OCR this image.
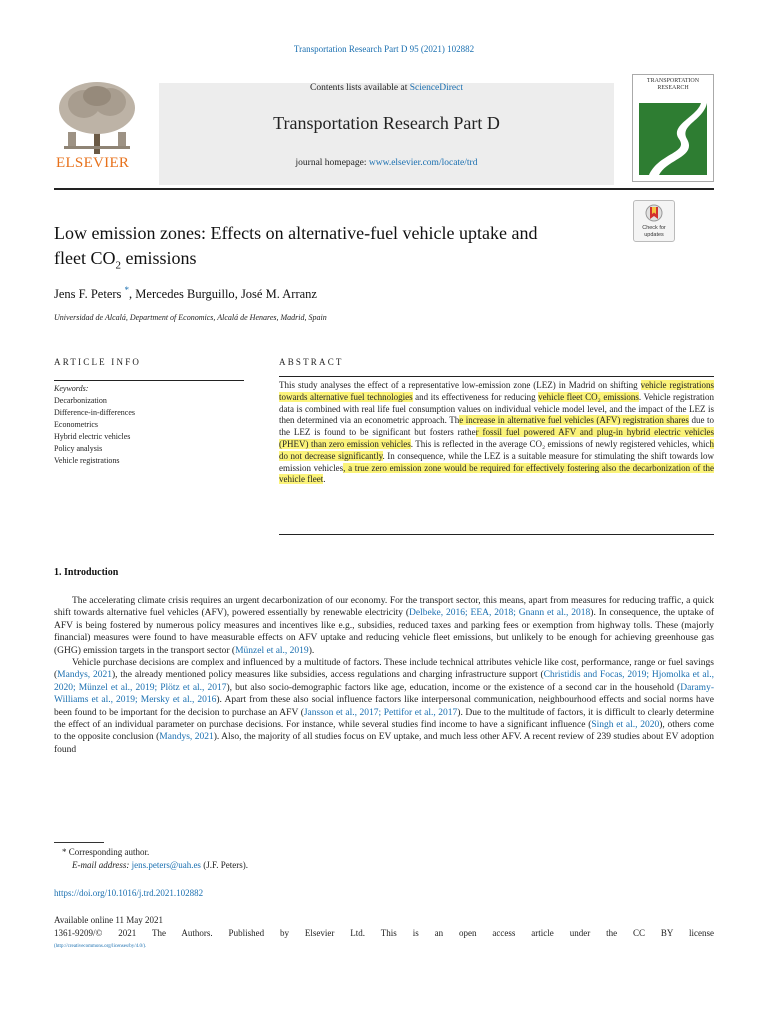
Transportation Research Part D 95 (2021) 102882
ELSEVIER
Contents lists available at ScienceDirect
Transportation Research Part D
journal homepage: www.elsevier.com/locate/trd
TRANSPORTATION RESEARCH
Check for
updates
Low emission zones: Effects on alternative-fuel vehicle uptake and
fleet $CO_2$ emissions
Jens F. Peters *, Mercedes Burguillo, José M. Arranz
Universidad de Alcalá, Department of Economics, Alcalá de Henares, Madrid, Spain
ARTICLE INFO
Keywords:
Decarbonization
Difference-in-differences
Econometrics
Hybrid electric vehicles
Policy analysis
Vehicle registrations
ABSTRACT
This study analyses the effect of a representative low-emission zone (LEZ) in Madrid on shifting vehicle registrations towards alternative fuel technologies and its effectiveness for reducing vehicle fleet CO₂ emissions. Vehicle registration data is combined with real life fuel consumption values on individual vehicle model level, and the impact of the LEZ is then determined via an econometric approach. The increase in alternative fuel vehicles (AFV) registration shares due to the LEZ is found to be significant but fosters rather fossil fuel powered AFV and plug-in hybrid electric vehicles (PHEV) than zero emission vehicles. This is reflected in the average CO₂ emissions of newly registered vehicles, which do not decrease significantly. In consequence, while the LEZ is a suitable measure for stimulating the shift towards low emission vehicles, a true zero emission zone would be required for effectively fostering also the decarbonization of the vehicle fleet.
1. Introduction

The accelerating climate crisis requires an urgent decarbonization of our economy. For the transport sector, this means, apart from measures for reducing traffic, a quick shift towards alternative fuel vehicles (AFV), powered essentially by renewable electricity (Delbeke, 2016; EEA, 2018; Gnann et al., 2018). In consequence, the uptake of AFV is being fostered by numerous policy measures and incentives like e.g., subsidies, reduced taxes and parking fees or exemption from highway tolls. These (majorly financial) measures were found to have measurable effects on AFV uptake and reducing vehicle fleet emissions, but unlikely to be enough for achieving greenhouse gas (GHG) emission targets in the transport sector (Münzel et al., 2019).

Vehicle purchase decisions are complex and influenced by a multitude of factors. These include technical attributes vehicle like cost, performance, range or fuel savings (Mandys, 2021), the already mentioned policy measures like subsidies, access regulations and charging infrastructure support (Christidis and Focas, 2019; Hjomolka et al., 2020; Münzel et al., 2019; Plötz et al., 2017), but also socio-demographic factors like age, education, income or the existence of a second car in the household (Daramy-Williams et al., 2019; Mersky et al., 2016). Apart from these also social influence factors like interpersonal communication, neighbourhood effects and social norms have been found to be important for the decision to purchase an AFV (Jansson et al., 2017; Pettifor et al., 2017). Due to the multitude of factors, it is difficult to clearly determine the effect of an individual parameter on purchase decisions. For instance, while several studies find income to have a significant influence (Singh et al., 2020), others come to the opposite conclusion (Mandys, 2021). Also, the majority of all studies focus on EV uptake, and much less other AFV. A recent review of 239 studies about EV adoption found

* Corresponding author.
E-mail address: jens.peters@uah.es (J.F. Peters).
https://doi.org/10.1016/j.trd.2021.102882
Available online 11 May 2021
1361-9209/© 2021 The Authors. Published by Elsevier Ltd. This is an open access article under the CC BY license
(http://creativecommons.org/licenses/by/4.0/).
